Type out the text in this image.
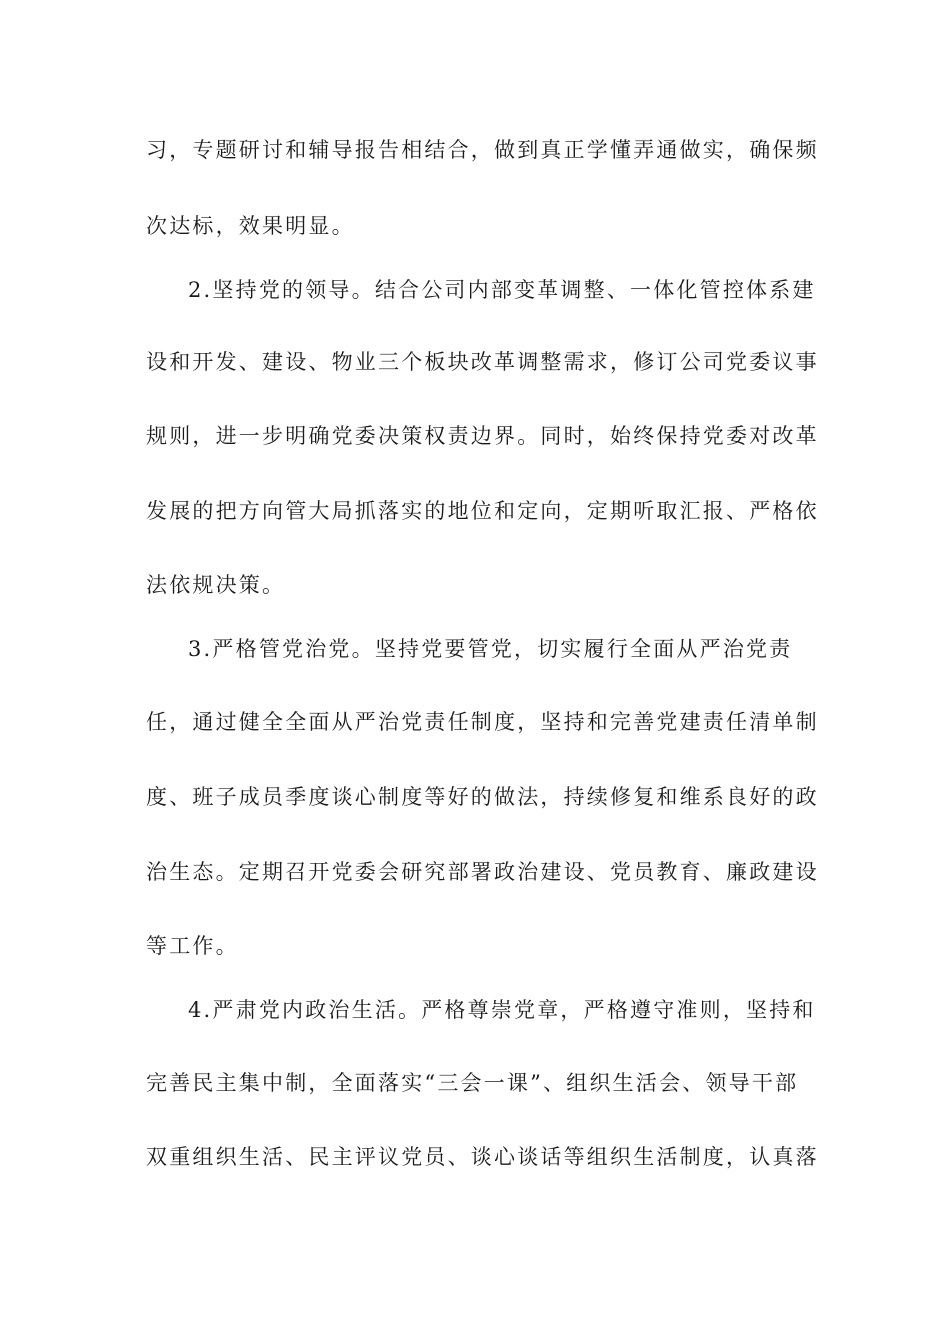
习，专题研讨和辅导报告相结合，做到真正学懂弄通做实，确保频
次达标，效果明显。
2.坚持党的领导。结合公司内部变革调整、一体化管控体系建
设和开发、建设、物业三个板块改革调整需求，修订公司党委议事
规则，进一步明确党委决策权责边界。同时，始终保持党委对改革
发展的把方向管大局抓落实的地位和定向，定期听取汇报、严格依
法依规决策。
3.严格管党治党。坚持党要管党，切实履行全面从严治党责
任，通过健全全面从严治党责任制度，坚持和完善党建责任清单制
度、班子成员季度谈心制度等好的做法，持续修复和维系良好的政
治生态。定期召开党委会研究部署政治建设、党员教育、廉政建设
等工作。
4.严肃党内政治生活。严格尊崇党章，严格遵守准则，坚持和
完善民主集中制，全面落实“三会一课”、组织生活会、领导干部
双重组织生活、民主评议党员、谈心谈话等组织生活制度，认真落
